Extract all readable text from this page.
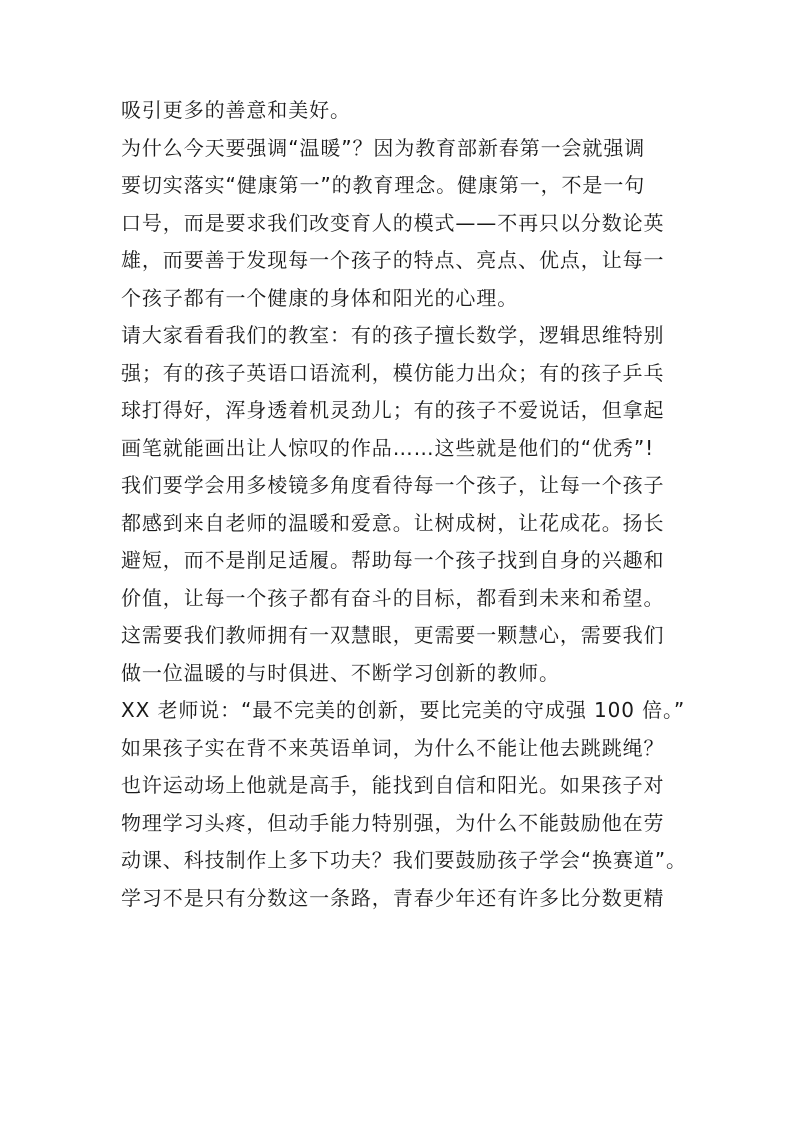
吸引更多的善意和美好。
为什么今天要强调“温暖”？因为教育部新春第一会就强调
要切实落实“健康第一”的教育理念。健康第一，不是一句
口号，而是要求我们改变育人的模式——不再只以分数论英
雄，而要善于发现每一个孩子的特点、亮点、优点，让每一
个孩子都有一个健康的身体和阳光的心理。
请大家看看我们的教室：有的孩子擅长数学，逻辑思维特别
强；有的孩子英语口语流利，模仿能力出众；有的孩子乒乓
球打得好，浑身透着机灵劲儿；有的孩子不爱说话，但拿起
画笔就能画出让人惊叹的作品……这些就是他们的“优秀”!
我们要学会用多棱镜多角度看待每一个孩子，让每一个孩子
都感到来自老师的温暖和爱意。让树成树，让花成花。扬长
避短，而不是削足适履。帮助每一个孩子找到自身的兴趣和
价值，让每一个孩子都有奋斗的目标，都看到未来和希望。
这需要我们教师拥有一双慧眼，更需要一颗慧心，需要我们
做一位温暖的与时俱进、不断学习创新的教师。
XX 老师说：“最不完美的创新，要比完美的守成强 100 倍。”
如果孩子实在背不来英语单词，为什么不能让他去跳跳绳？
也许运动场上他就是高手，能找到自信和阳光。如果孩子对
物理学习头疼，但动手能力特别强，为什么不能鼓励他在劳
动课、科技制作上多下功夫？我们要鼓励孩子学会“换赛道”。
学习不是只有分数这一条路，青春少年还有许多比分数更精
